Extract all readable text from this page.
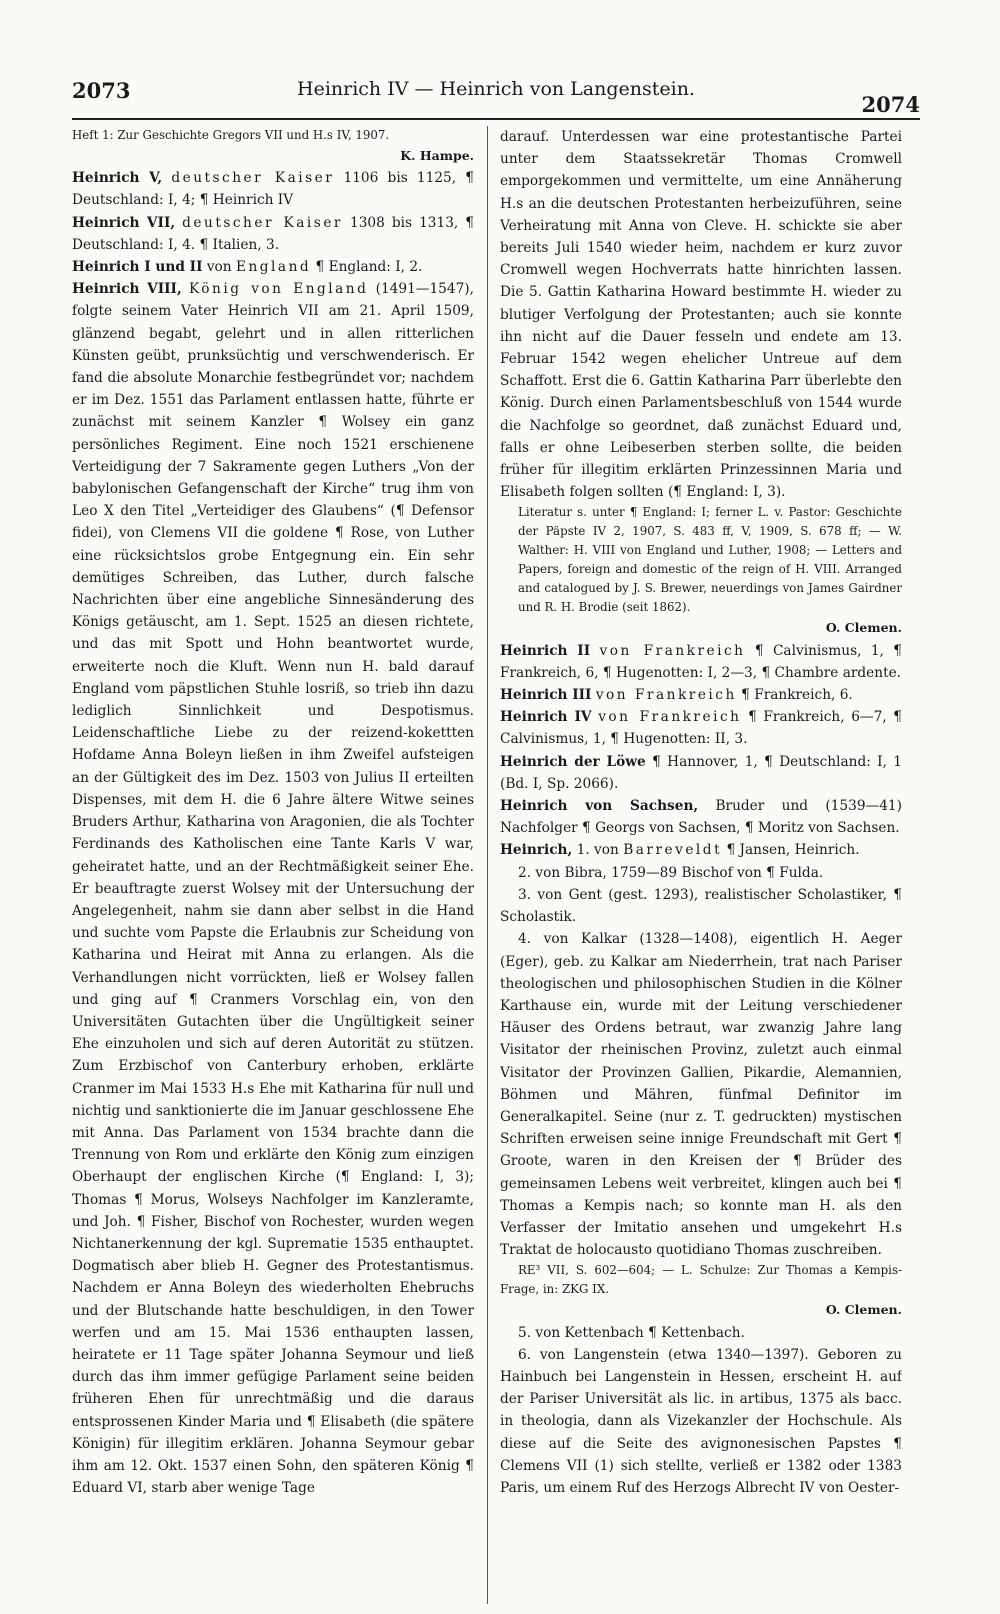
2073	Heinrich IV — Heinrich von Langenstein.
2074

Heft 1: Zur Geschichte Gregors VII und H.s IV, 1907.

K. Hampe.

Heinrich V, deutscher Kaiser 1106 bis 1125, ¶ Deutschland: I, 4; ¶ Heinrich IV

Heinrich VII, deutscher Kaiser 1308 bis 1313, ¶ Deutschland: I, 4. ¶ Italien, 3.

Heinrich I und II von England ¶ England: I, 2.

Heinrich VIII, König von England (1491—1547), folgte seinem Vater Heinrich VII am 21. April 1509, glänzend begabt, gelehrt und in allen ritterlichen Künsten geübt, prunksüchtig und verschwenderisch. Er fand die absolute Monarchie festbegründet vor; nachdem er im Dez. 1551 das Parlament entlassen hatte, führte er zunächst mit seinem Kanzler ¶ Wolsey ein ganz persönliches Regiment. Eine noch 1521 erschienene Verteidigung der 7 Sakramente gegen Luthers „Von der babylonischen Gefangenschaft der Kirche“ trug ihm von Leo X den Titel „Verteidiger des Glaubens“ (¶ Defensor fidei), von Clemens VII die goldene ¶ Rose, von Luther eine rücksichtslos grobe Entgegnung ein. Ein sehr demütiges Schreiben, das Luther, durch falsche Nachrichten über eine angebliche Sinnesänderung des Königs getäuscht, am 1. Sept. 1525 an diesen richtete, und das mit Spott und Hohn beantwortet wurde, erweiterte noch die Kluft. Wenn nun H. bald darauf England vom päpstlichen Stuhle losriß, so trieb ihn dazu lediglich Sinnlichkeit und Despotismus. Leidenschaftliche Liebe zu der reizend-kokettten Hofdame Anna Boleyn ließen in ihm Zweifel aufsteigen an der Gültigkeit des im Dez. 1503 von Julius II erteilten Dispenses, mit dem H. die 6 Jahre ältere Witwe seines Bruders Arthur, Katharina von Aragonien, die als Tochter Ferdinands des Katholischen eine Tante Karls V war, geheiratet hatte, und an der Rechtmäßigkeit seiner Ehe. Er beauftragte zuerst Wolsey mit der Untersuchung der Angelegenheit, nahm sie dann aber selbst in die Hand und suchte vom Papste die Erlaubnis zur Scheidung von Katharina und Heirat mit Anna zu erlangen. Als die Verhandlungen nicht vorrückten, ließ er Wolsey fallen und ging auf ¶ Cranmers Vorschlag ein, von den Universitäten Gutachten über die Ungültigkeit seiner Ehe einzuholen und sich auf deren Autorität zu stützen. Zum Erzbischof von Canterbury erhoben, erklärte Cranmer im Mai 1533 H.s Ehe mit Katharina für null und nichtig und sanktionierte die im Januar geschlossene Ehe mit Anna. Das Parlament von 1534 brachte dann die Trennung von Rom und erklärte den König zum einzigen Oberhaupt der englischen Kirche (¶ England: I, 3); Thomas ¶ Morus, Wolseys Nachfolger im Kanzleramte, und Joh. ¶ Fisher, Bischof von Rochester, wurden wegen Nichtanerkennung der kgl. Suprematie 1535 enthauptet. Dogmatisch aber blieb H. Gegner des Protestantismus. Nachdem er Anna Boleyn des wiederholten Ehebruchs und der Blutschande hatte beschuldigen, in den Tower werfen und am 15. Mai 1536 enthaupten lassen, heiratete er 11 Tage später Johanna Seymour und ließ durch das ihm immer gefügige Parlament seine beiden früheren Ehen für unrechtmäßig und die daraus entsprossenen Kinder Maria und ¶ Elisabeth (die spätere Königin) für illegitim erklären. Johanna Seymour gebar ihm am 12. Okt. 1537 einen Sohn, den späteren König ¶ Eduard VI, starb aber wenige Tage

darauf. Unterdessen war eine protestantische Partei unter dem Staatssekretär Thomas Cromwell emporgekommen und vermittelte, um eine Annäherung H.s an die deutschen Protestanten herbeizuführen, seine Verheiratung mit Anna von Cleve. H. schickte sie aber bereits Juli 1540 wieder heim, nachdem er kurz zuvor Cromwell wegen Hochverrats hatte hinrichten lassen. Die 5. Gattin Katharina Howard bestimmte H. wieder zu blutiger Verfolgung der Protestanten; auch sie konnte ihn nicht auf die Dauer fesseln und endete am 13. Februar 1542 wegen ehelicher Untreue auf dem Schaffott. Erst die 6. Gattin Katharina Parr überlebte den König. Durch einen Parlamentsbeschluß von 1544 wurde die Nachfolge so geordnet, daß zunächst Eduard und, falls er ohne Leibeserben sterben sollte, die beiden früher für illegitim erklärten Prinzessinnen Maria und Elisabeth folgen sollten (¶ England: I, 3).

Literatur s. unter ¶ England: I; ferner L. v. Pastor: Geschichte der Päpste IV 2, 1907, S. 483 ff, V, 1909, S. 678 ff; — W. Walther: H. VIII von England und Luther, 1908; — Letters and Papers, foreign and domestic of the reign of H. VIII. Arranged and catalogued by J. S. Brewer, neuerdings von James Gairdner und R. H. Brodie (seit 1862).

O. Clemen.

Heinrich II von Frankreich ¶ Calvinismus, 1, ¶ Frankreich, 6, ¶ Hugenotten: I, 2—3, ¶ Chambre ardente.

Heinrich III von Frankreich ¶ Frankreich, 6.

Heinrich IV von Frankreich ¶ Frankreich, 6—7, ¶ Calvinismus, 1, ¶ Hugenotten: II, 3.

Heinrich der Löwe ¶ Hannover, 1, ¶ Deutschland: I, 1 (Bd. I, Sp. 2066).

Heinrich von Sachsen, Bruder und (1539—41) Nachfolger ¶ Georgs von Sachsen, ¶ Moritz von Sachsen.

Heinrich, 1. von Barreveldt ¶ Jansen, Heinrich.

2. von Bibra, 1759—89 Bischof von ¶ Fulda.

3. von Gent (gest. 1293), realistischer Scholastiker, ¶ Scholastik.

4. von Kalkar (1328—1408), eigentlich H. Aeger (Eger), geb. zu Kalkar am Niederrhein, trat nach Pariser theologischen und philosophischen Studien in die Kölner Karthause ein, wurde mit der Leitung verschiedener Häuser des Ordens betraut, war zwanzig Jahre lang Visitator der rheinischen Provinz, zuletzt auch einmal Visitator der Provinzen Gallien, Pikardie, Alemannien, Böhmen und Mähren, fünfmal Definitor im Generalkapitel. Seine (nur z. T. gedruckten) mystischen Schriften erweisen seine innige Freundschaft mit Gert ¶ Groote, waren in den Kreisen der ¶ Brüder des gemeinsamen Lebens weit verbreitet, klingen auch bei ¶ Thomas a Kempis nach; so konnte man H. als den Verfasser der Imitatio ansehen und umgekehrt H.s Traktat de holocausto quotidiano Thomas zuschreiben.

RE³ VII, S. 602—604; — L. Schulze: Zur Thomas a Kempis-Frage, in: ZKG IX.

O. Clemen.

5. von Kettenbach ¶ Kettenbach.

6. von Langenstein (etwa 1340—1397). Geboren zu Hainbuch bei Langenstein in Hessen, erscheint H. auf der Pariser Universität als lic. in artibus, 1375 als bacc. in theologia, dann als Vizekanzler der Hochschule. Als diese auf die Seite des avignonesischen Papstes ¶ Clemens VII (1) sich stellte, verließ er 1382 oder 1383 Paris, um einem Ruf des Herzogs Albrecht IV von Oester-
